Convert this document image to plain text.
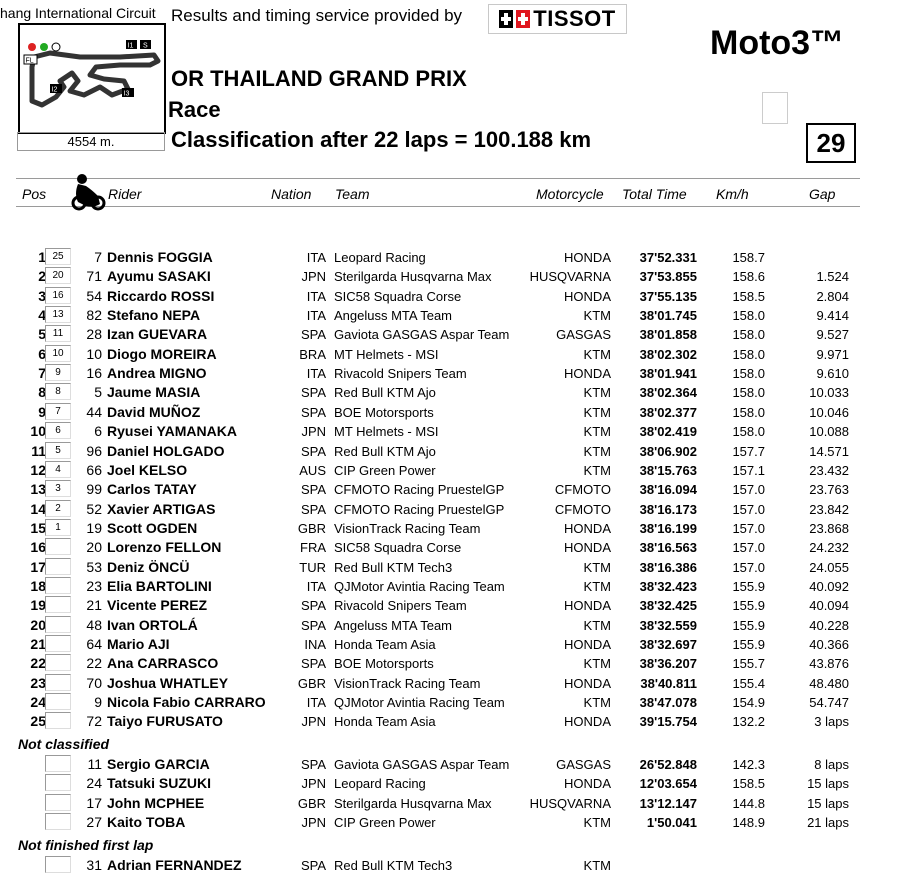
hang International Circuit Results and timing service provided by	TISSOT
Moto3™
FL
I1 S
I2
I3
4554 m.
OR THAILAND GRAND PRIX
Race
Classification after 22 laps = 100.188 km	29
Pos	Rider	Nation Team	Motorcycle Total Time Km/h	Gap
1 25	7 Dennis FOGGIA	ITA Leopard Racing	HONDA	37'52.331	158.7
2 20	71 Ayumu SASAKI	JPN Sterilgarda Husqvarna Max	HUSQVARNA	37'53.855	158.6	1.524
3 16	54 Riccardo ROSSI	ITA SIC58 Squadra Corse	HONDA	37'55.135	158.5	2.804
4 13	82 Stefano NEPA	ITA Angeluss MTA Team	KTM	38'01.745	158.0	9.414
5 11	28 Izan GUEVARA	SPA Gaviota GASGAS Aspar Team	GASGAS	38'01.858	158.0	9.527
6 10	10 Diogo MOREIRA	BRA MT Helmets - MSI	KTM	38'02.302	158.0	9.971
7 9	16 Andrea MIGNO	ITA Rivacold Snipers Team	HONDA	38'01.941	158.0	9.610
8 8	5 Jaume MASIA	SPA Red Bull KTM Ajo	KTM	38'02.364	158.0	10.033
9 7	44 David MUÑOZ	SPA BOE Motorsports	KTM	38'02.377	158.0	10.046
10 6	6 Ryusei YAMANAKA	JPN MT Helmets - MSI	KTM	38'02.419	158.0	10.088
11 5	96 Daniel HOLGADO	SPA Red Bull KTM Ajo	KTM	38'06.902	157.7	14.571
12 4	66 Joel KELSO	AUS CIP Green Power	KTM	38'15.763	157.1	23.432
13 3	99 Carlos TATAY	SPA CFMOTO Racing PruestelGP	CFMOTO	38'16.094	157.0	23.763
14 2	52 Xavier ARTIGAS	SPA CFMOTO Racing PruestelGP	CFMOTO	38'16.173	157.0	23.842
15 1	19 Scott OGDEN	GBR VisionTrack Racing Team	HONDA	38'16.199	157.0	23.868
16	20 Lorenzo FELLON	FRA SIC58 Squadra Corse	HONDA	38'16.563	157.0	24.232
17	53 Deniz ÖNCÜ	TUR Red Bull KTM Tech3	KTM	38'16.386	157.0	24.055
18	23 Elia BARTOLINI	ITA QJMotor Avintia Racing Team	KTM	38'32.423	155.9	40.092
19	21 Vicente PEREZ	SPA Rivacold Snipers Team	HONDA	38'32.425	155.9	40.094
20	48 Ivan ORTOLÁ	SPA Angeluss MTA Team	KTM	38'32.559	155.9	40.228
21	64 Mario AJI	INA Honda Team Asia	HONDA	38'32.697	155.9	40.366
22	22 Ana CARRASCO	SPA BOE Motorsports	KTM	38'36.207	155.7	43.876
23	70 Joshua WHATLEY	GBR VisionTrack Racing Team	HONDA	38'40.811	155.4	48.480
24	9 Nicola Fabio CARRARO	ITA QJMotor Avintia Racing Team	KTM	38'47.078	154.9	54.747
25	72 Taiyo FURUSATO	JPN Honda Team Asia	HONDA	39'15.754	132.2	3 laps
Not classified
11 Sergio GARCIA	SPA Gaviota GASGAS Aspar Team	GASGAS	26'52.848	142.3	8 laps
24 Tatsuki SUZUKI	JPN Leopard Racing	HONDA	12'03.654	158.5	15 laps
17 John MCPHEE	GBR Sterilgarda Husqvarna Max	HUSQVARNA	13'12.147	144.8	15 laps
27 Kaito TOBA	JPN CIP Green Power	KTM	1'50.041	148.9	21 laps
Not finished first lap
31 Adrian FERNANDEZ	SPA Red Bull KTM Tech3	KTM
